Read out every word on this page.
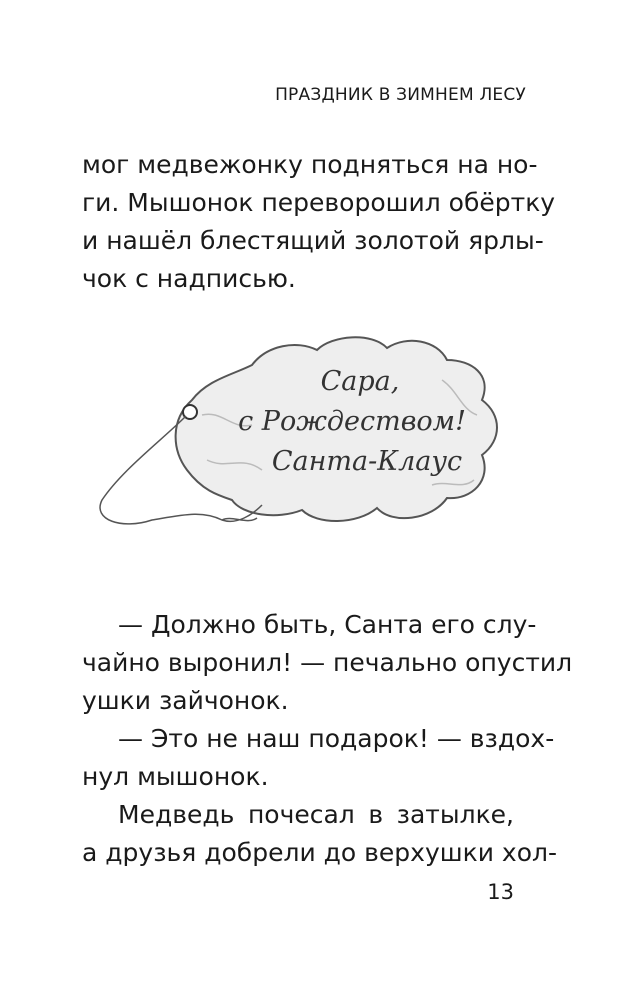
ПРАЗДНИК В ЗИМНЕМ ЛЕСУ
мог медвежонку подняться на но-
ги. Мышонок переворошил обёртку
и нашёл блестящий золотой ярлы-
чок с надписью.
Сара,
с Рождеством!
Санта-Клаус
— Должно быть, Санта его слу-
чайно выронил! — печально опустил
ушки зайчонок.
— Это не наш подарок! — вздох-
нул мышонок.
Медведь почесал в затылке,
а друзья добрели до верхушки хол-
13
